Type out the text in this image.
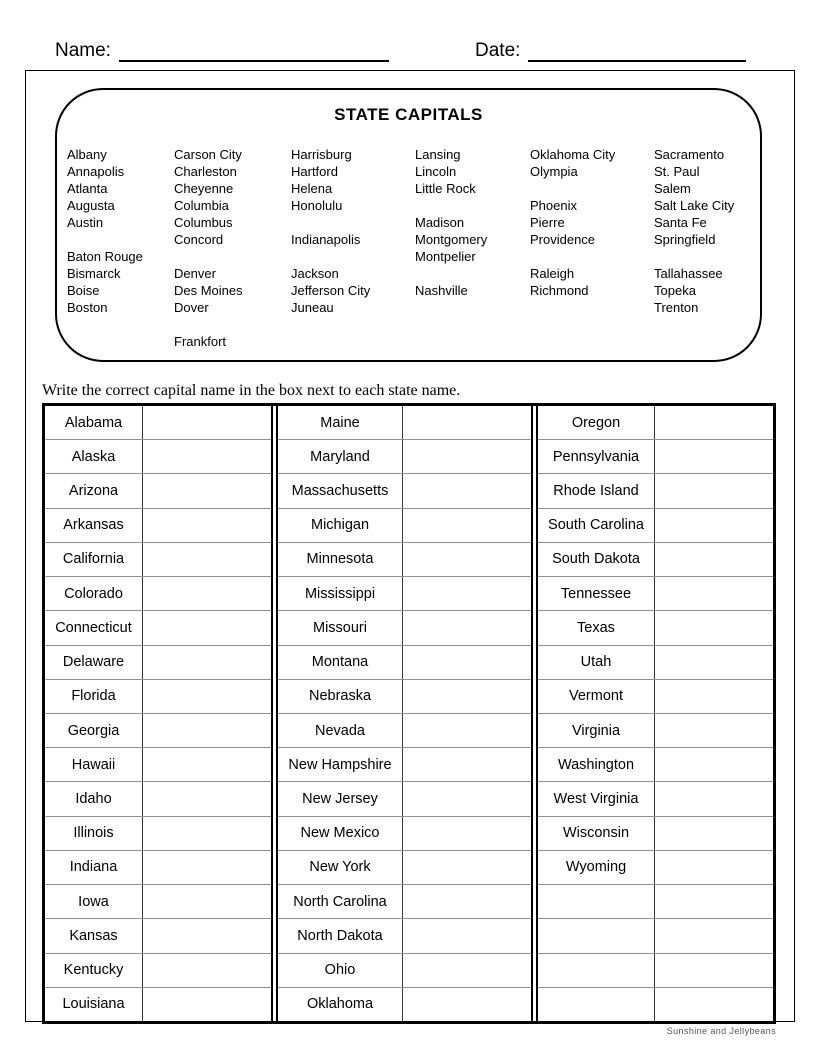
Name:	Date:
STATE CAPITALS
Albany
Annapolis
Atlanta
Augusta
Austin
Baton Rouge
Bismarck
Boise
Boston
Carson City
Charleston
Cheyenne
Columbia
Columbus
Concord
Denver
Des Moines
Dover
Frankfort
Harrisburg
Hartford
Helena
Honolulu
Indianapolis
Jackson
Jefferson City
Juneau
Lansing
Lincoln
Little Rock
Madison
Montgomery
Montpelier
Nashville
Oklahoma City
Olympia
Phoenix
Pierre
Providence
Raleigh
Richmond
Sacramento
St. Paul
Salem
Salt Lake City
Santa Fe
Springfield
Tallahassee
Topeka
Trenton
Write the correct capital name in the box next to each state name.
Alabama
Alaska
Arizona
Arkansas
California
Colorado
Connecticut
Delaware
Florida
Georgia
Hawaii
Idaho
Illinois
Indiana
Iowa
Kansas
Kentucky
Louisiana
Maine
Maryland
Massachusetts
Michigan
Minnesota
Mississippi
Missouri
Montana
Nebraska
Nevada
New Hampshire
New Jersey
New Mexico
New York
North Carolina
North Dakota
Ohio
Oklahoma
Oregon
Pennsylvania
Rhode Island
South Carolina
South Dakota
Tennessee
Texas
Utah
Vermont
Virginia
Washington
West Virginia
Wisconsin
Wyoming
Sunshine and Jellybeans
